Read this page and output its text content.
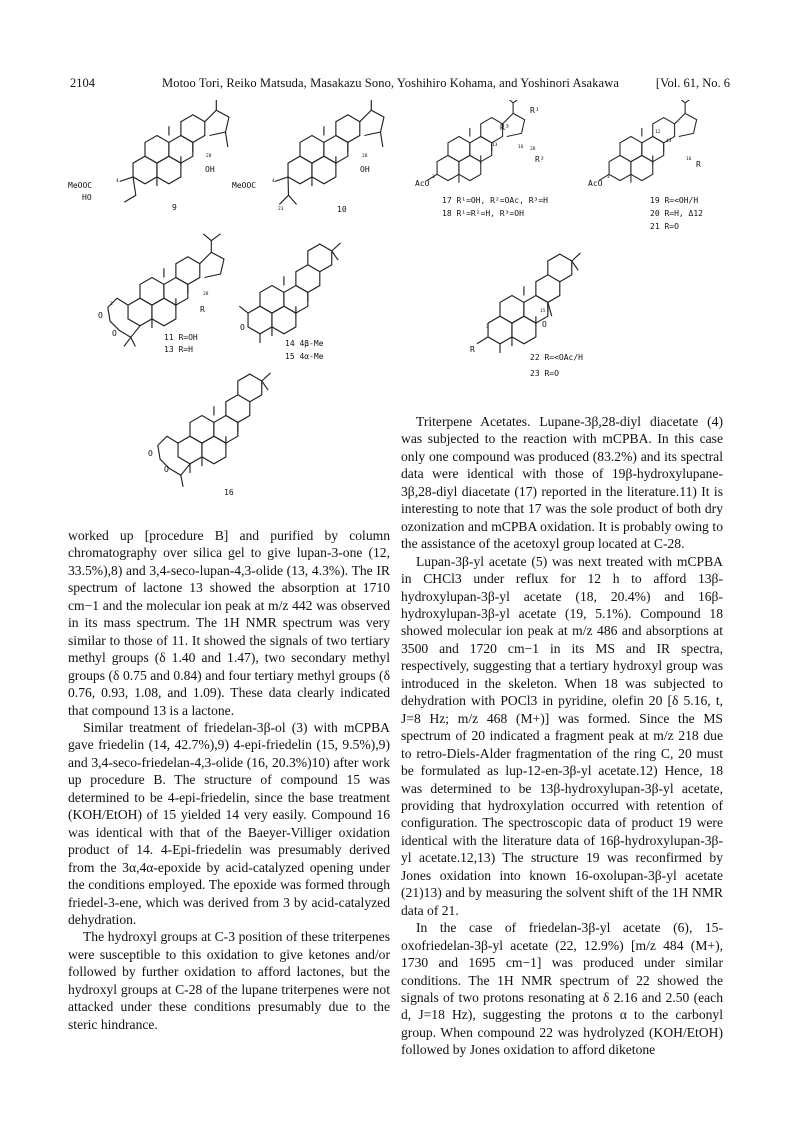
2104	Motoo Tori, Reiko Matsuda, Masakazu Sono, Yoshihiro Kohama, and Yoshinori Asakawa	[Vol. 61, No. 6
MeOOC
HO
OH
28
4
9
MeOOC
OH
28
4
23	10
AcO
R¹
R³
R²
28
13	16
3
17 R¹=OH, R²=OAc, R³=H
18 R¹=R²=H, R³=OH
AcO
R
12
13
16
3
19 R=<OH/H
20 R=H, Δ12
21 R=O
O
O
3
R
28
11 R=OH
13 R=H
O
14 4β-Me
15 4α-Me
R
O
3
15
22 R=<OAc/H
23 R=O
O
O
16

worked up [procedure B] and purified by column chromatography over silica gel to give lupan-3-one (12, 33.5%),8) and 3,4-seco-lupan-4,3-olide (13, 4.3%). The IR spectrum of lactone 13 showed the absorption at 1710 cm−1 and the molecular ion peak at m/z 442 was observed in its mass spectrum. The 1H NMR spectrum was very similar to those of 11. It showed the signals of two tertiary methyl groups (δ 1.40 and 1.47), two secondary methyl groups (δ 0.75 and 0.84) and four tertiary methyl groups (δ 0.76, 0.93, 1.08, and 1.09). These data clearly indicated that compound 13 is a lactone.

Similar treatment of friedelan-3β-ol (3) with mCPBA gave friedelin (14, 42.7%),9) 4-epi-friedelin (15, 9.5%),9) and 3,4-seco-friedelan-4,3-olide (16, 20.3%)10) after work up procedure B. The structure of compound 15 was determined to be 4-epi-friedelin, since the base treatment (KOH/EtOH) of 15 yielded 14 very easily. Compound 16 was identical with that of the Baeyer-Villiger oxidation product of 14. 4-Epi-friedelin was presumably derived from the 3α,4α-epoxide by acid-catalyzed opening under the conditions employed. The epoxide was formed through friedel-3-ene, which was derived from 3 by acid-catalyzed dehydration.

The hydroxyl groups at C-3 position of these triterpenes were susceptible to this oxidation to give ketones and/or followed by further oxidation to afford lactones, but the hydroxyl groups at C-28 of the lupane triterpenes were not attacked under these conditions presumably due to the steric hindrance.

Triterpene Acetates. Lupane-3β,28-diyl diacetate (4) was subjected to the reaction with mCPBA. In this case only one compound was produced (83.2%) and its spectral data were identical with those of 19β-hydroxylupane-3β,28-diyl diacetate (17) reported in the literature.11) It is interesting to note that 17 was the sole product of both dry ozonization and mCPBA oxidation. It is probably owing to the assistance of the acetoxyl group located at C-28.

Lupan-3β-yl acetate (5) was next treated with mCPBA in CHCl3 under reflux for 12 h to afford 13β-hydroxylupan-3β-yl acetate (18, 20.4%) and 16β-hydroxylupan-3β-yl acetate (19, 5.1%). Compound 18 showed molecular ion peak at m/z 486 and absorptions at 3500 and 1720 cm−1 in its MS and IR spectra, respectively, suggesting that a tertiary hydroxyl group was introduced in the skeleton. When 18 was subjected to dehydration with POCl3 in pyridine, olefin 20 [δ 5.16, t, J=8 Hz; m/z 468 (M+)] was formed. Since the MS spectrum of 20 indicated a fragment peak at m/z 218 due to retro-Diels-Alder fragmentation of the ring C, 20 must be formulated as lup-12-en-3β-yl acetate.12) Hence, 18 was determined to be 13β-hydroxylupan-3β-yl acetate, providing that hydroxylation occurred with retention of configuration. The spectroscopic data of product 19 were identical with the literature data of 16β-hydroxylupan-3β-yl acetate.12,13) The structure 19 was reconfirmed by Jones oxidation into known 16-oxolupan-3β-yl acetate (21)13) and by measuring the solvent shift of the 1H NMR data of 21.

In the case of friedelan-3β-yl acetate (6), 15-oxofriedelan-3β-yl acetate (22, 12.9%) [m/z 484 (M+), 1730 and 1695 cm−1] was produced under similar conditions. The 1H NMR spectrum of 22 showed the signals of two protons resonating at δ 2.16 and 2.50 (each d, J=18 Hz), suggesting the protons α to the carbonyl group. When compound 22 was hydrolyzed (KOH/EtOH) followed by Jones oxidation to afford diketone
